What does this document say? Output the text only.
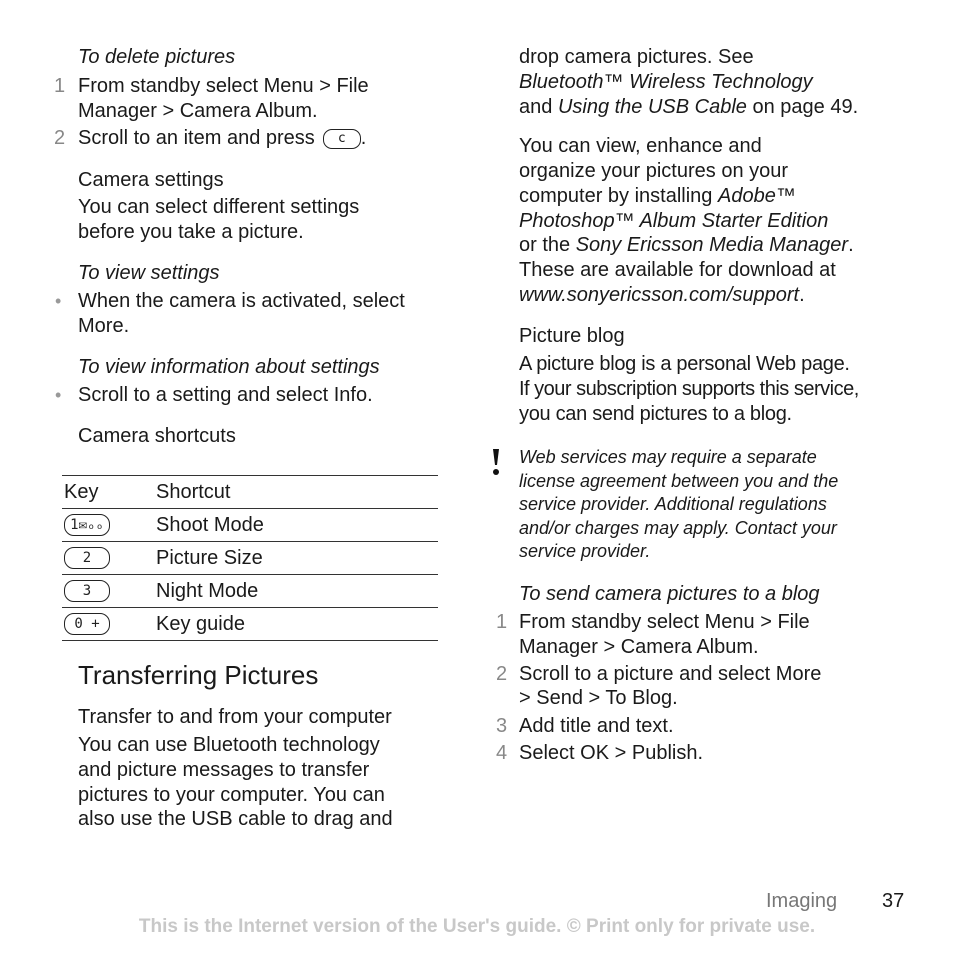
To delete pictures
1 From standby select Menu > File
Manager > Camera Album.
2 Scroll to an item and press c .
Camera settings
You can select different settings
before you take a picture.
To view settings
• When the camera is activated, select
More.
To view information about settings
• Scroll to a setting and select Info.
Camera shortcuts
Key	Shortcut
1✉ₒₒ	Shoot Mode
2	Picture Size
3	Night Mode
0 +	Key guide
Transferring Pictures
Transfer to and from your computer
You can use Bluetooth technology
and picture messages to transfer
pictures to your computer. You can
also use the USB cable to drag and
drop camera pictures. See
Bluetooth™ Wireless Technology
and Using the USB Cable on page 49.
You can view, enhance and
organize your pictures on your
computer by installing Adobe™
Photoshop™ Album Starter Edition
or the Sony Ericsson Media Manager.
These are available for download at
www.sonyericsson.com/support.
Picture blog
A picture blog is a personal Web page.
If your subscription supports this service,
you can send pictures to a blog.
Web services may require a separate
license agreement between you and the
service provider. Additional regulations
and/or charges may apply. Contact your
service provider.
To send camera pictures to a blog
1 From standby select Menu > File
Manager > Camera Album.
2 Scroll to a picture and select More
> Send > To Blog.
3 Add title and text.
4 Select OK > Publish.
Imaging 37
This is the Internet version of the User's guide. © Print only for private use.
